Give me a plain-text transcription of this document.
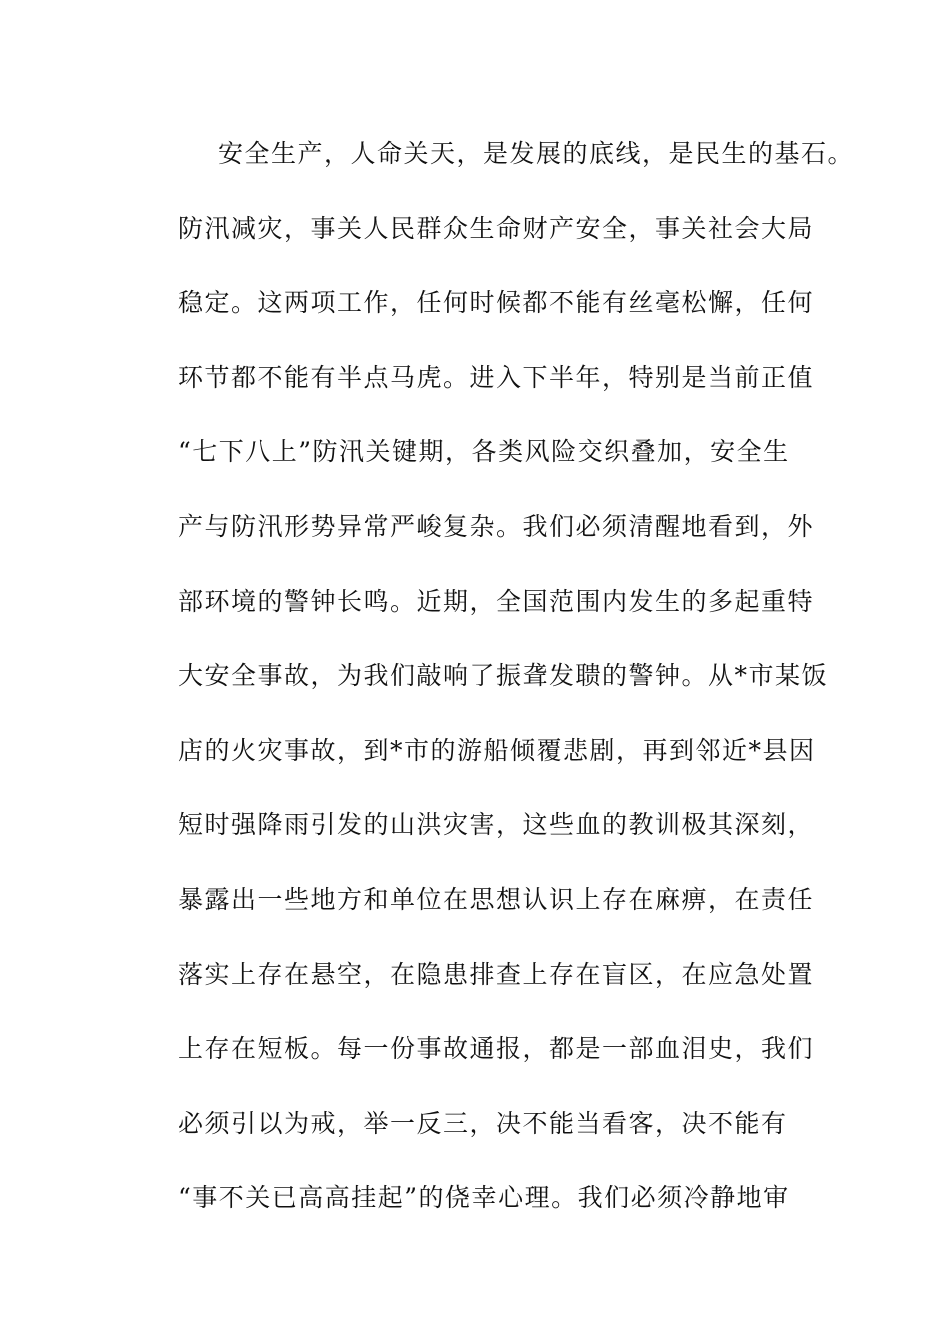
安全生产，人命关天，是发展的底线，是民生的基石。
防汛减灾，事关人民群众生命财产安全，事关社会大局
稳定。这两项工作，任何时候都不能有丝毫松懈，任何
环节都不能有半点马虎。进入下半年，特别是当前正值
“七下八上”防汛关键期，各类风险交织叠加，安全生
产与防汛形势异常严峻复杂。我们必须清醒地看到，外
部环境的警钟长鸣。近期，全国范围内发生的多起重特
大安全事故，为我们敲响了振聋发聩的警钟。从*市某饭
店的火灾事故，到*市的游船倾覆悲剧，再到邻近*县因
短时强降雨引发的山洪灾害，这些血的教训极其深刻，
暴露出一些地方和单位在思想认识上存在麻痹，在责任
落实上存在悬空，在隐患排查上存在盲区，在应急处置
上存在短板。每一份事故通报，都是一部血泪史，我们
必须引以为戒，举一反三，决不能当看客，决不能有
“事不关已高高挂起”的侥幸心理。我们必须冷静地审
